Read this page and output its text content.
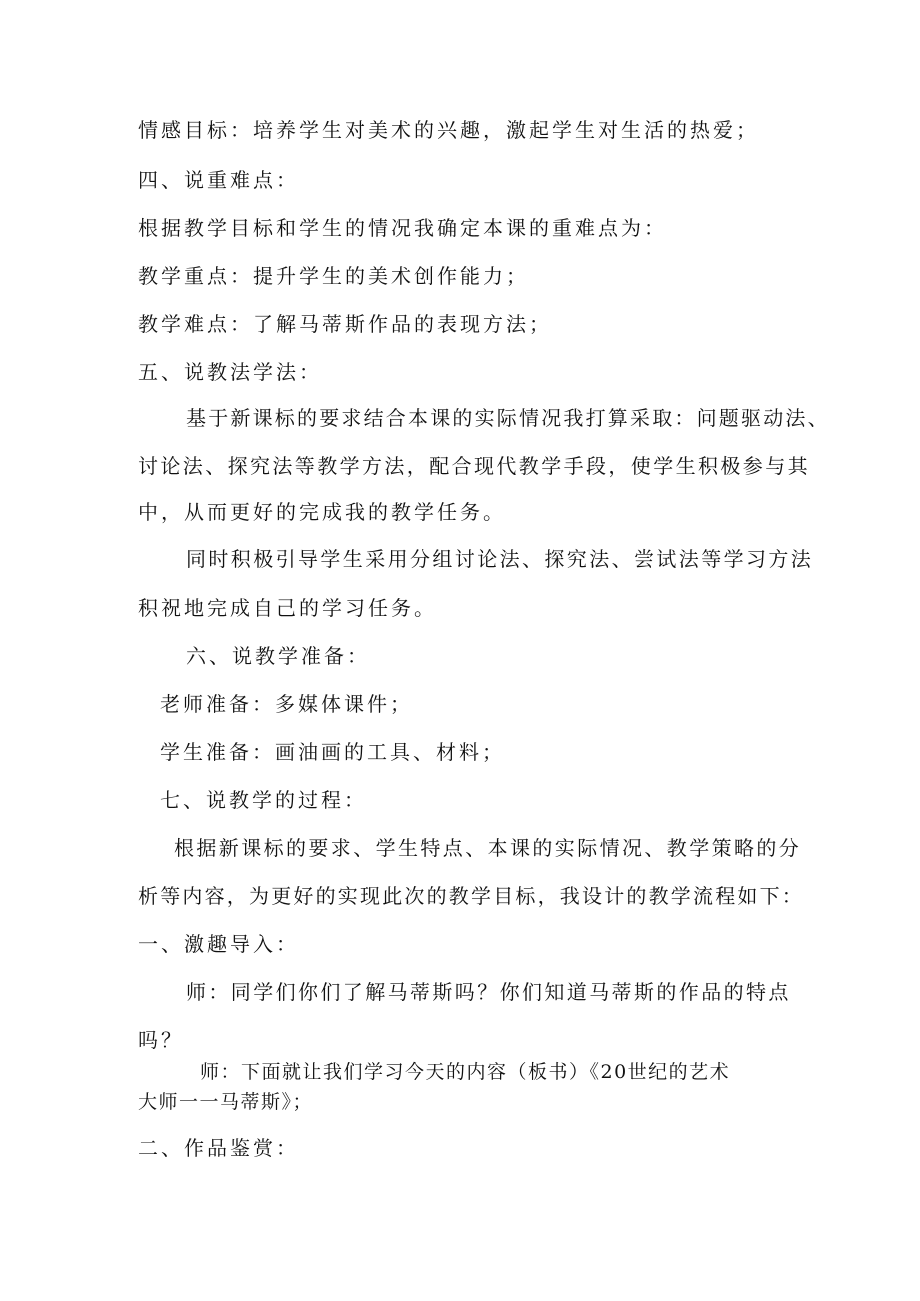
情感目标：培养学生对美术的兴趣，激起学生对生活的热爱；
四、说重难点：
根据教学目标和学生的情况我确定本课的重难点为：
教学重点：提升学生的美术创作能力；
教学难点：了解马蒂斯作品的表现方法；
五、说教法学法：
基于新课标的要求结合本课的实际情况我打算采取：问题驱动法、
讨论法、探究法等教学方法，配合现代教学手段，使学生积极参与其
中，从而更好的完成我的教学任务。
同时积极引导学生采用分组讨论法、探究法、尝试法等学习方法
积祝地完成自己的学习任务。
六、说教学准备：
老师准备：多媒体课件；
学生准备：画油画的工具、材料；
七、说教学的过程：
根据新课标的要求、学生特点、本课的实际情况、教学策略的分
析等内容，为更好的实现此次的教学目标，我设计的教学流程如下：
一、激趣导入：
师：同学们你们了解马蒂斯吗？你们知道马蒂斯的作品的特点
吗？
师：下面就让我们学习今天的内容（板书）《20世纪的艺术
大师一一马蒂斯》；
二、作品鉴赏：
